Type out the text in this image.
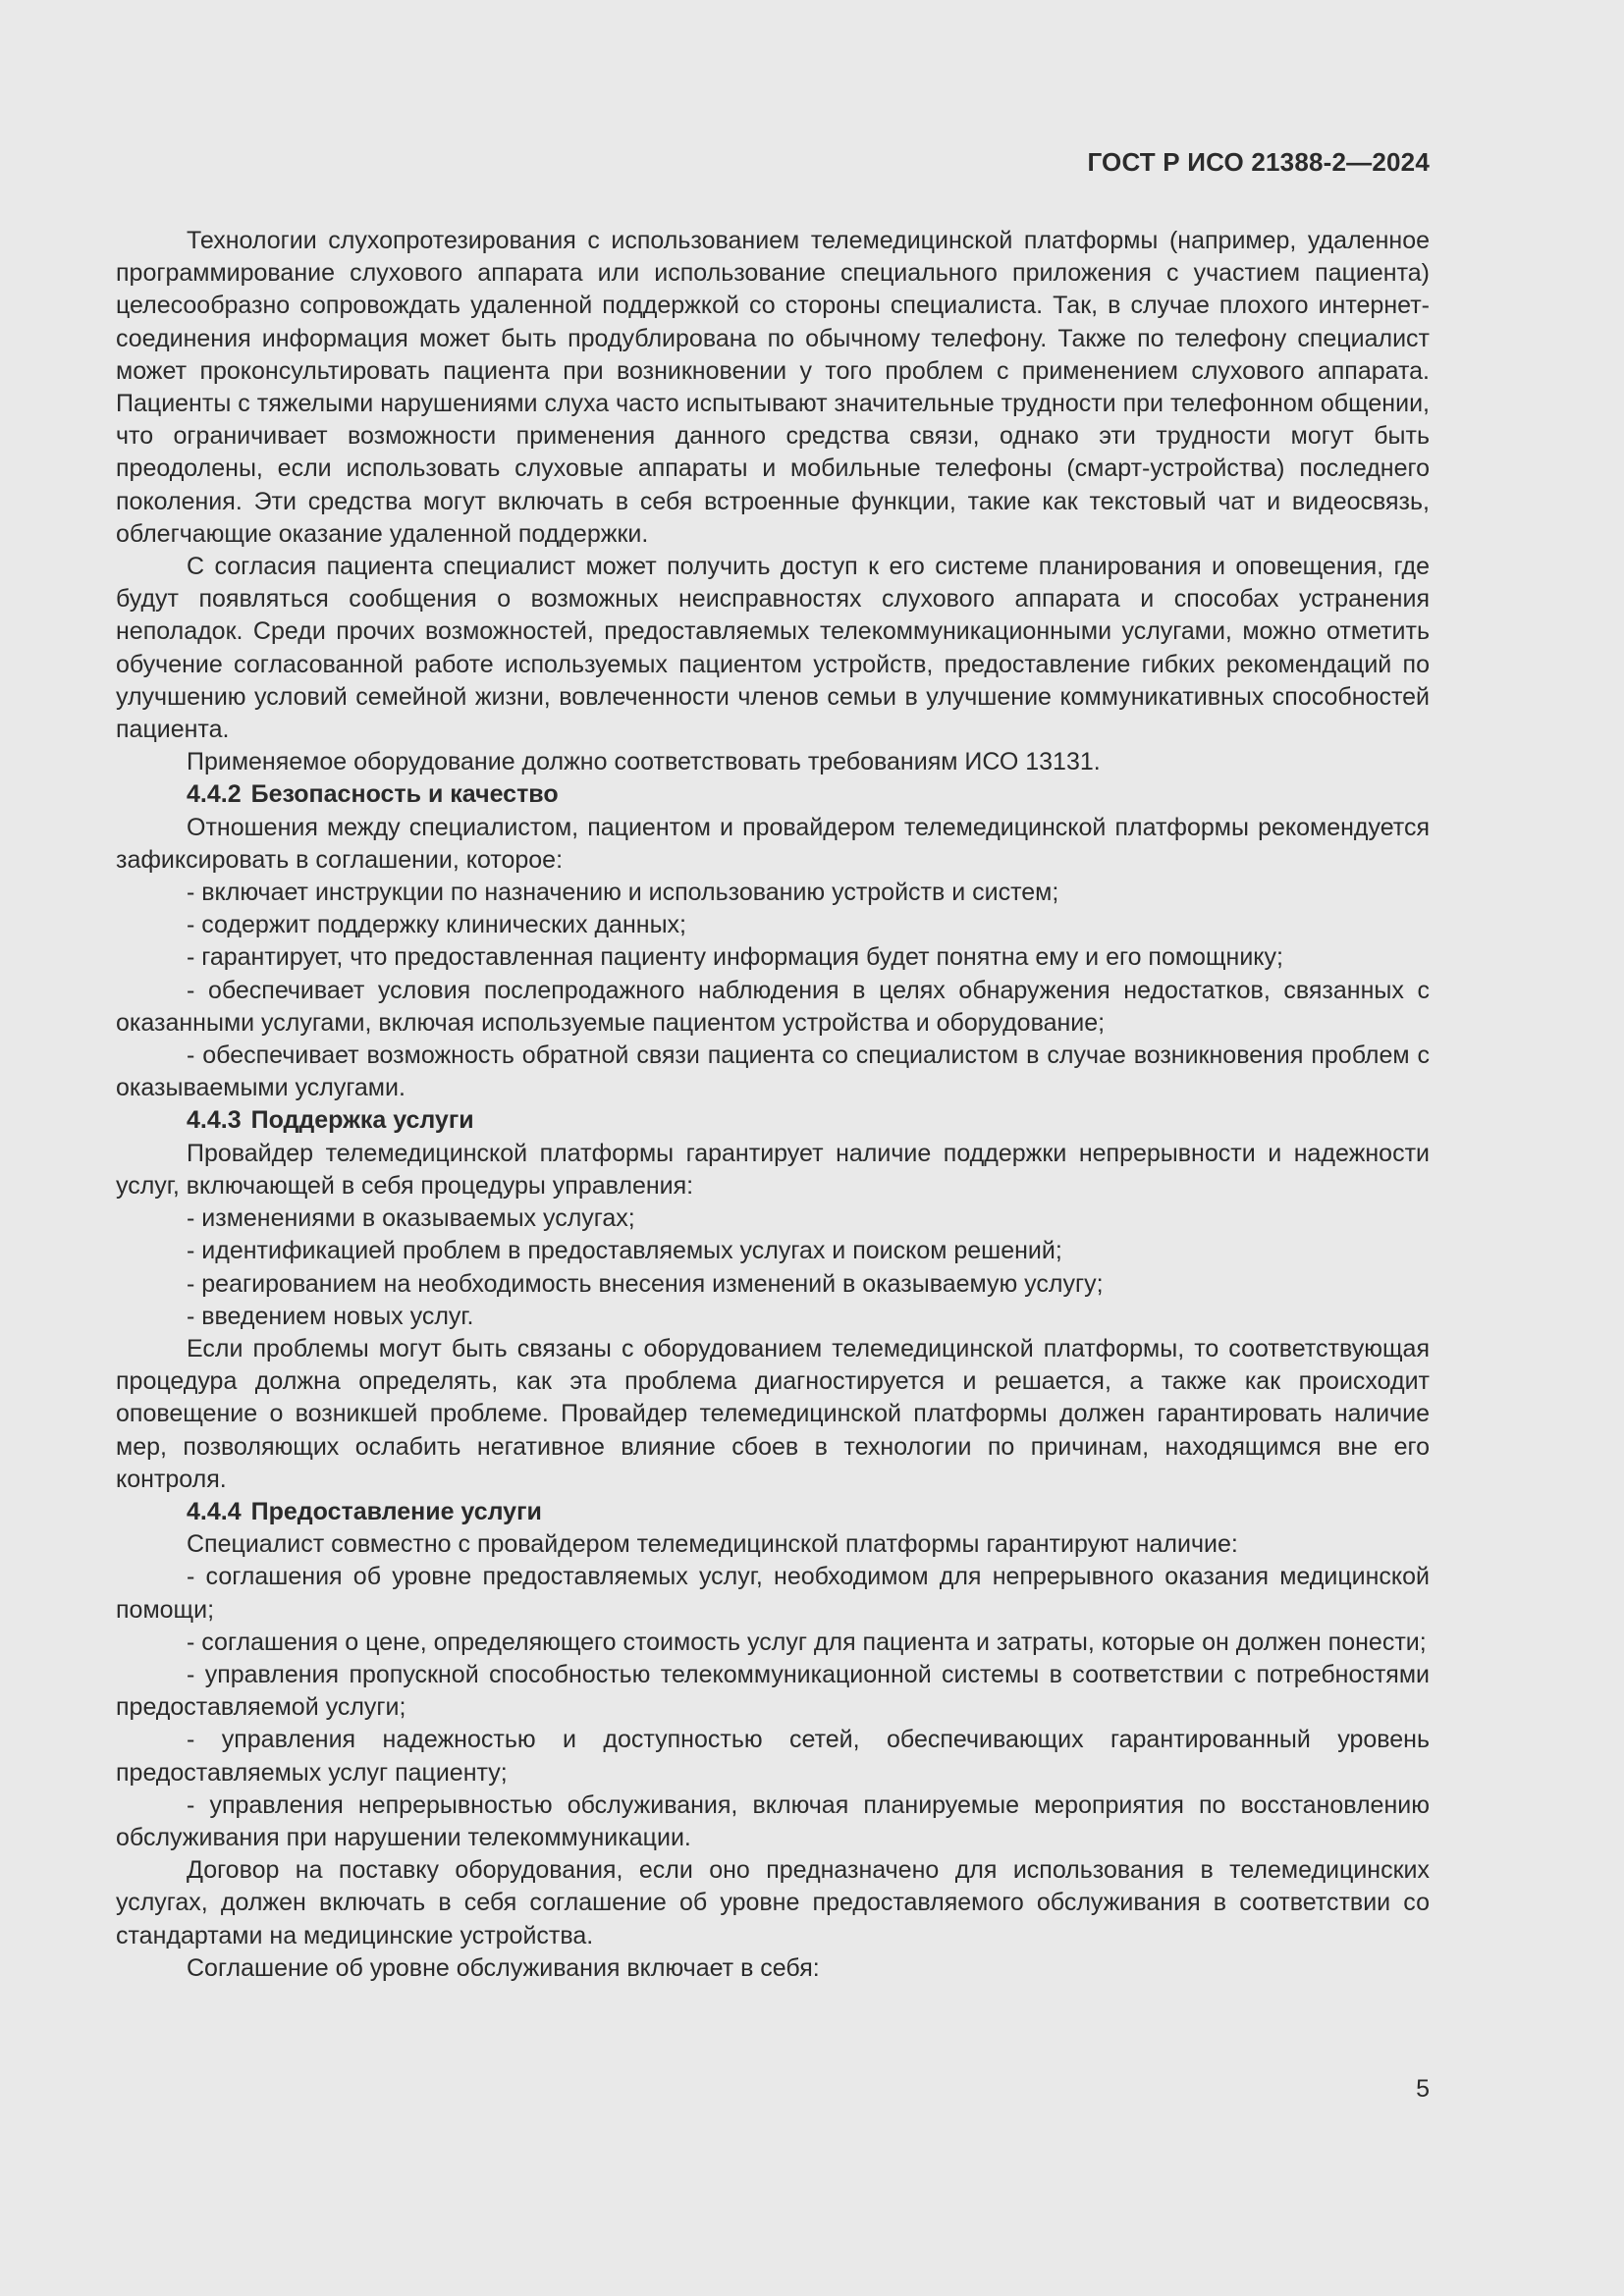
ГОСТ Р ИСО 21388-2—2024

Технологии слухопротезирования с использованием телемедицинской платформы (например, удаленное программирование слухового аппарата или использование специального приложения с участием пациента) целесообразно сопровождать удаленной поддержкой со стороны специалиста. Так, в случае плохого интернет-соединения информация может быть продублирована по обычному телефону. Также по телефону специалист может проконсультировать пациента при возникновении у того проблем с применением слухового аппарата. Пациенты с тяжелыми нарушениями слуха часто испытывают значительные трудности при телефонном общении, что ограничивает возможности применения данного средства связи, однако эти трудности могут быть преодолены, если использовать слуховые аппараты и мобильные телефоны (смарт-устройства) последнего поколения. Эти средства могут включать в себя встроенные функции, такие как текстовый чат и видеосвязь, облегчающие оказание удаленной поддержки.

С согласия пациента специалист может получить доступ к его системе планирования и оповещения, где будут появляться сообщения о возможных неисправностях слухового аппарата и способах устранения неполадок. Среди прочих возможностей, предоставляемых телекоммуникационными услугами, можно отметить обучение согласованной работе используемых пациентом устройств, предоставление гибких рекомендаций по улучшению условий семейной жизни, вовлеченности членов семьи в улучшение коммуникативных способностей пациента.

Применяемое оборудование должно соответствовать требованиям ИСО 13131.

4.4.2 Безопасность и качество

Отношения между специалистом, пациентом и провайдером телемедицинской платформы рекомендуется зафиксировать в соглашении, которое:

- включает инструкции по назначению и использованию устройств и систем;

- содержит поддержку клинических данных;

- гарантирует, что предоставленная пациенту информация будет понятна ему и его помощнику;

- обеспечивает условия послепродажного наблюдения в целях обнаружения недостатков, связанных с оказанными услугами, включая используемые пациентом устройства и оборудование;

- обеспечивает возможность обратной связи пациента со специалистом в случае возникновения проблем с оказываемыми услугами.

4.4.3 Поддержка услуги

Провайдер телемедицинской платформы гарантирует наличие поддержки непрерывности и надежности услуг, включающей в себя процедуры управления:

- изменениями в оказываемых услугах;

- идентификацией проблем в предоставляемых услугах и поиском решений;

- реагированием на необходимость внесения изменений в оказываемую услугу;

- введением новых услуг.

Если проблемы могут быть связаны с оборудованием телемедицинской платформы, то соответствующая процедура должна определять, как эта проблема диагностируется и решается, а также как происходит оповещение о возникшей проблеме. Провайдер телемедицинской платформы должен гарантировать наличие мер, позволяющих ослабить негативное влияние сбоев в технологии по причинам, находящимся вне его контроля.

4.4.4 Предоставление услуги

Специалист совместно с провайдером телемедицинской платформы гарантируют наличие:

- соглашения об уровне предоставляемых услуг, необходимом для непрерывного оказания медицинской помощи;

- соглашения о цене, определяющего стоимость услуг для пациента и затраты, которые он должен понести;

- управления пропускной способностью телекоммуникационной системы в соответствии с потребностями предоставляемой услуги;

- управления надежностью и доступностью сетей, обеспечивающих гарантированный уровень предоставляемых услуг пациенту;

- управления непрерывностью обслуживания, включая планируемые мероприятия по восстановлению обслуживания при нарушении телекоммуникации.

Договор на поставку оборудования, если оно предназначено для использования в телемедицинских услугах, должен включать в себя соглашение об уровне предоставляемого обслуживания в соответствии со стандартами на медицинские устройства.

Соглашение об уровне обслуживания включает в себя:

5
